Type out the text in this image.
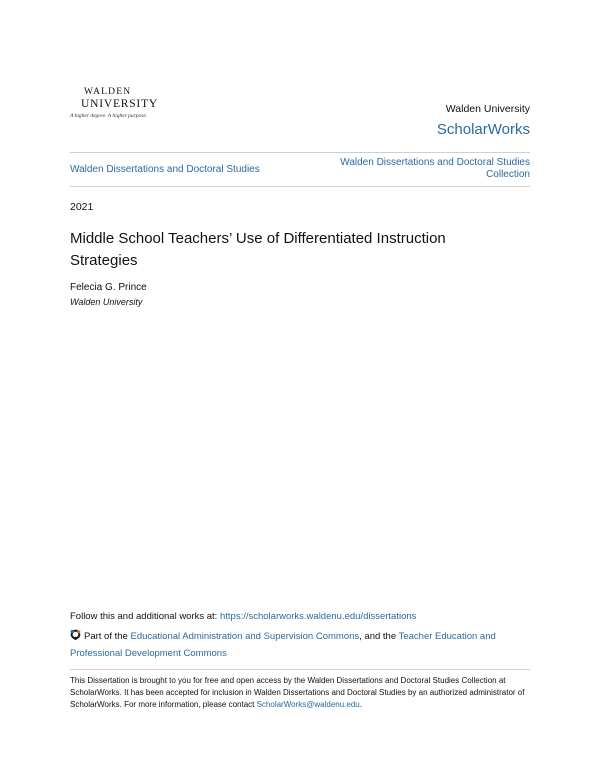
WALDEN
UNIVERSITY
A higher degree. A higher purpose.
Walden University
ScholarWorks
Walden Dissertations and Doctoral Studies
Walden Dissertations and Doctoral Studies Collection
2021
Middle School Teachers’ Use of Differentiated Instruction Strategies
Felecia G. Prince
Walden University
Follow this and additional works at: https://scholarworks.waldenu.edu/dissertations
Part of the Educational Administration and Supervision Commons, and the Teacher Education and Professional Development Commons
This Dissertation is brought to you for free and open access by the Walden Dissertations and Doctoral Studies Collection at ScholarWorks. It has been accepted for inclusion in Walden Dissertations and Doctoral Studies by an authorized administrator of ScholarWorks. For more information, please contact ScholarWorks@waldenu.edu.
